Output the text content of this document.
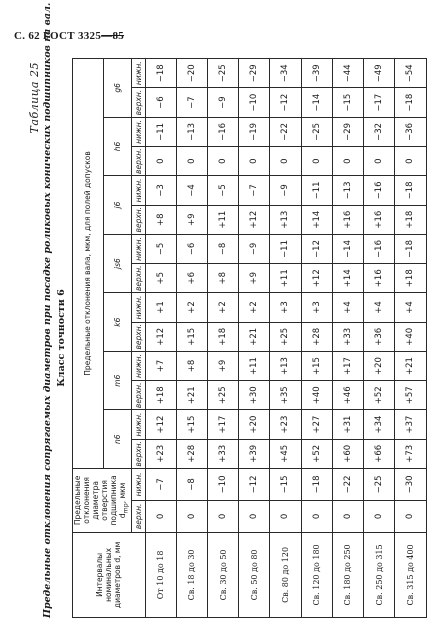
С. 62 ГОСТ 3325—85
Таблица 25 Предельные отклонения сопрягаемых диаметров при посадке роликовых конических подшипников на вал. Класс точности 6
Интервалы номинальных диаметров d, мм	Предельные отклонения диаметра отверстия подшипника $d_{mp}$, мкм		Предельные отклонения вала, мкм, для полей допусков													
			n6		m6		k6		js6		j6		h6		g6	
	верхн.	нижн.	верхн.	нижн.	верхн.	нижн.	верхн.	нижн.	верхн.	нижн.	верхн.	нижн.	верхн.	нижн.	верхн.	нижн.
От 10 до 18	0	−7	+23	+12	+18	+7	+12	+1	+5	−5	+8	−3	0	−11	−6	−18
Св. 18 до 30	0	−8	+28	+15	+21	+8	+15	+2	+6	−6	+9	−4	0	−13	−7	−20
Св. 30 до 50	0	−10	+33	+17	+25	+9	+18	+2	+8	−8	+11	−5	0	−16	−9	−25
Св. 50 до 80	0	−12	+39	+20	+30	+11	+21	+2	+9	−9	+12	−7	0	−19	−10	−29
Св. 80 до 120	0	−15	+45	+23	+35	+13	+25	+3	+11	−11	+13	−9	0	−22	−12	−34
Св. 120 до 180	0	−18	+52	+27	+40	+15	+28	+3	+12	−12	+14	−11	0	−25	−14	−39
Св. 180 до 250	0	−22	+60	+31	+46	+17	+33	+4	+14	−14	+16	−13	0	−29	−15	−44
Св. 250 до 315	0	−25	+66	+34	+52	+20	+36	+4	+16	−16	+16	−16	0	−32	−17	−49
Св. 315 до 400	0	−30	+73	+37	+57	+21	+40	+4	+18	−18	+18	−18	0	−36	−18	−54
